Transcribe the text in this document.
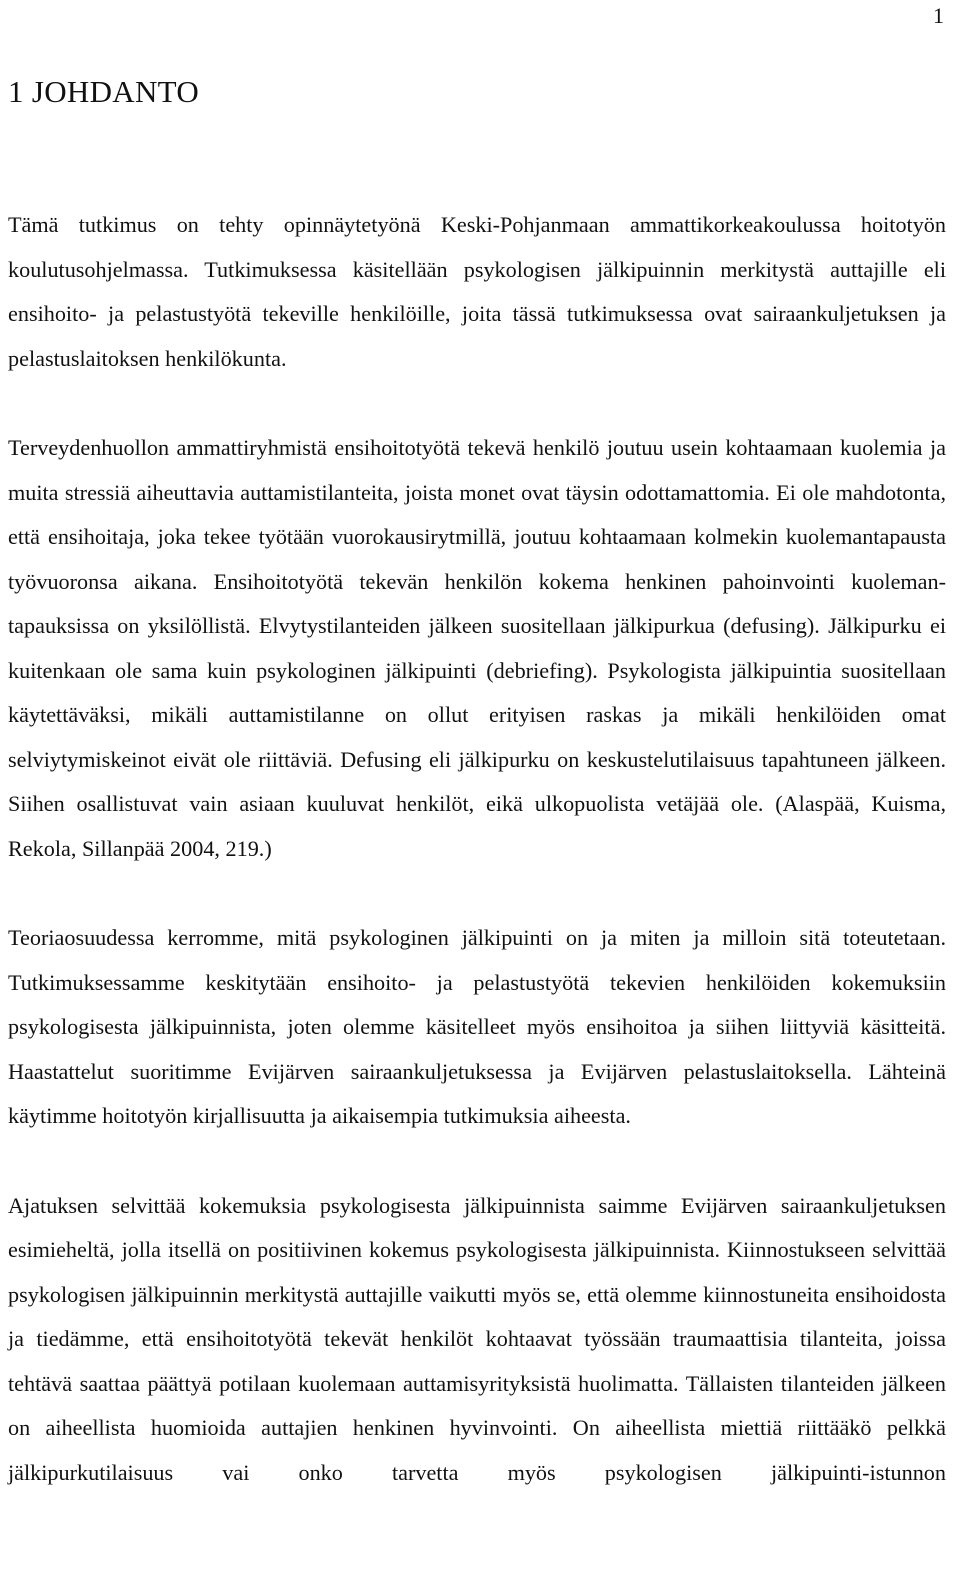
1
1 JOHDANTO

Tämä tutkimus on tehty opinnäytetyönä Keski-Pohjanmaan ammattikorkeakoulussa hoitotyön koulutusohjelmassa. Tutkimuksessa käsitellään psykologisen jälkipuinnin merkitystä auttajille eli ensihoito- ja pelastustyötä tekeville henkilöille, joita tässä tutkimuksessa ovat sairaankuljetuksen ja pelastuslaitoksen henkilökunta.

Terveydenhuollon ammattiryhmistä ensihoitotyötä tekevä henkilö joutuu usein kohtaamaan kuolemia ja muita stressiä aiheuttavia auttamistilanteita, joista monet ovat täysin odottamattomia. Ei ole mahdotonta, että ensihoitaja, joka tekee työtään vuorokausirytmillä, joutuu kohtaamaan kolmekin kuolemantapausta työvuoronsa aikana. Ensihoitotyötä tekevän henkilön kokema henkinen pahoinvointi kuoleman- tapauksissa on yksilöllistä. Elvytystilanteiden jälkeen suositellaan jälkipurkua (defusing). Jälkipurku ei kuitenkaan ole sama kuin psykologinen jälkipuinti (debriefing). Psykologista jälkipuintia suositellaan käytettäväksi, mikäli auttamistilanne on ollut erityisen raskas ja mikäli henkilöiden omat selviytymiskeinot eivät ole riittäviä. Defusing eli jälkipurku on keskustelutilaisuus tapahtuneen jälkeen. Siihen osallistuvat vain asiaan kuuluvat henkilöt, eikä ulkopuolista vetäjää ole. (Alaspää, Kuisma, Rekola, Sillanpää 2004, 219.)

Teoriaosuudessa kerromme, mitä psykologinen jälkipuinti on ja miten ja milloin sitä toteutetaan. Tutkimuksessamme keskitytään ensihoito- ja pelastustyötä tekevien henkilöiden kokemuksiin psykologisesta jälkipuinnista, joten olemme käsitelleet myös ensihoitoa ja siihen liittyviä käsitteitä. Haastattelut suoritimme Evijärven sairaankuljetuksessa ja Evijärven pelastuslaitoksella. Lähteinä käytimme hoitotyön kirjallisuutta ja aikaisempia tutkimuksia aiheesta.

Ajatuksen selvittää kokemuksia psykologisesta jälkipuinnista saimme Evijärven sairaankuljetuksen esimieheltä, jolla itsellä on positiivinen kokemus psykologisesta jälkipuinnista. Kiinnostukseen selvittää psykologisen jälkipuinnin merkitystä auttajille vaikutti myös se, että olemme kiinnostuneita ensihoidosta ja tiedämme, että ensihoitotyötä tekevät henkilöt kohtaavat työssään traumaattisia tilanteita, joissa tehtävä saattaa päättyä potilaan kuolemaan auttamisyrityksistä huolimatta. Tällaisten tilanteiden jälkeen on aiheellista huomioida auttajien henkinen hyvinvointi. On aiheellista miettiä riittääkö pelkkä jälkipurkutilaisuus vai onko tarvetta myös psykologisen jälkipuinti-istunnon
